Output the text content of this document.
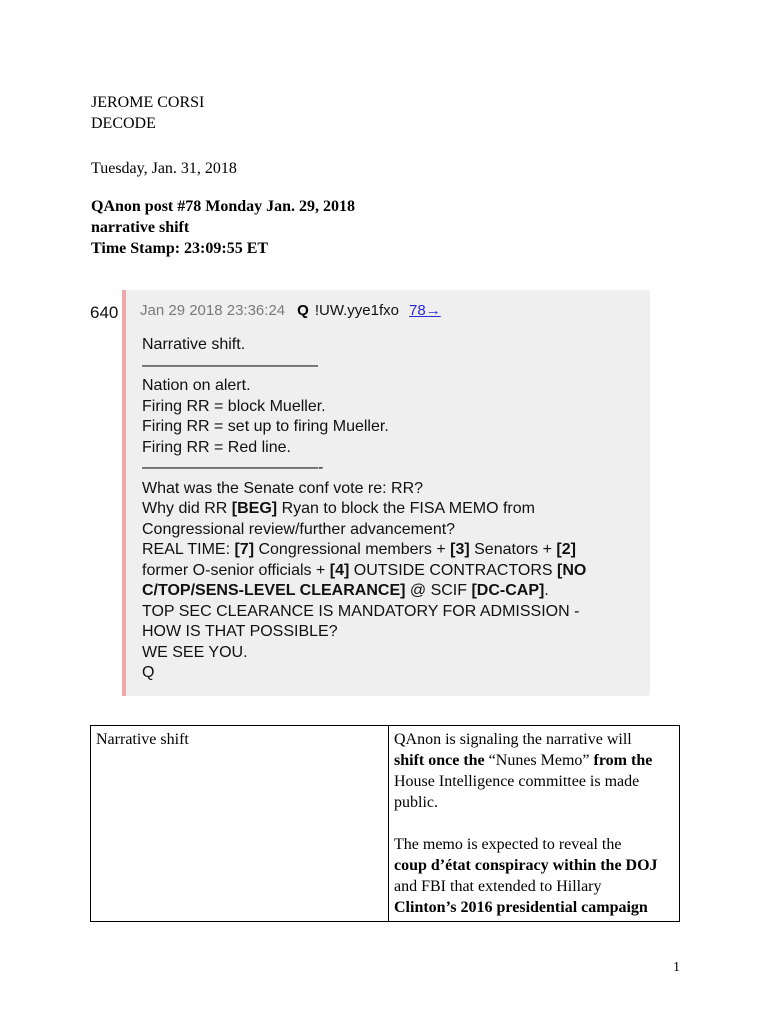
JEROME CORSI
DECODE
Tuesday, Jan. 31, 2018
QAnon post #78 Monday Jan. 29, 2018
narrative shift
Time Stamp: 23:09:55 ET
640 Jan 29 2018 23:36:24 Q !UW.yye1fxo 78→
Narrative shift.
———————————
Nation on alert.
Firing RR = block Mueller.
Firing RR = set up to firing Mueller.
Firing RR = Red line.
———————————-
What was the Senate conf vote re: RR?
Why did RR [BEG] Ryan to block the FISA MEMO from
Congressional review/further advancement?
REAL TIME: [7] Congressional members + [3] Senators + [2]
former O-senior officials + [4] OUTSIDE CONTRACTORS [NO
C/TOP/SENS-LEVEL CLEARANCE] @ SCIF [DC-CAP].
TOP SEC CLEARANCE IS MANDATORY FOR ADMISSION -
HOW IS THAT POSSIBLE?
WE SEE YOU.
Q
Narrative shift	QAnon is signaling the narrative will
shift once the “Nunes Memo” from the
House Intelligence committee is made
public.
The memo is expected to reveal the
coup d’état conspiracy within the DOJ
and FBI that extended to Hillary
Clinton’s 2016 presidential campaign
1
